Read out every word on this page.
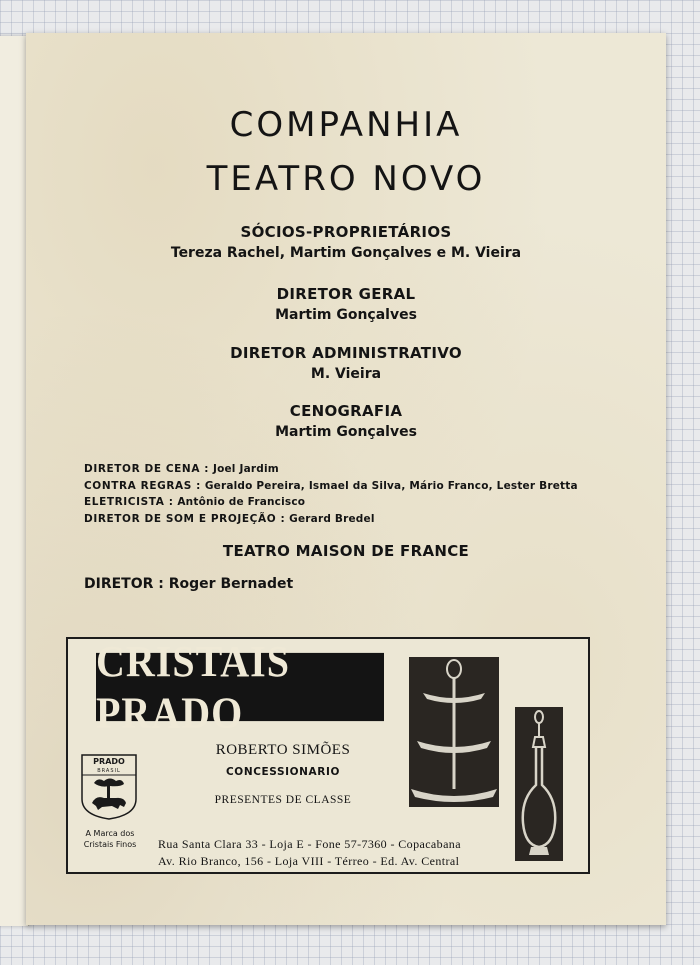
COMPANHIA
TEATRO NOVO
SÓCIOS-PROPRIETÁRIOS
Tereza Rachel, Martim Gonçalves e M. Vieira
DIRETOR GERAL
Martim Gonçalves
DIRETOR ADMINISTRATIVO
M. Vieira
CENOGRAFIA
Martim Gonçalves
DIRETOR DE CENA : Joel Jardim
CONTRA REGRAS : Geraldo Pereira, Ismael da Silva, Mário Franco, Lester Bretta
ELETRICISTA : Antônio de Francisco
DIRETOR DE SOM E PROJEÇÃO : Gerard Bredel
TEATRO MAISON DE FRANCE
DIRETOR : Roger Bernadet
CRISTAIS PRADO
PRADO
BRASIL
A Marca dos
Cristais Finos
ROBERTO SIMÕES
CONCESSIONARIO
PRESENTES DE CLASSE
Rua Santa Clara 33 - Loja E - Fone 57-7360 - Copacabana
Av. Rio Branco, 156 - Loja VIII - Térreo - Ed. Av. Central
